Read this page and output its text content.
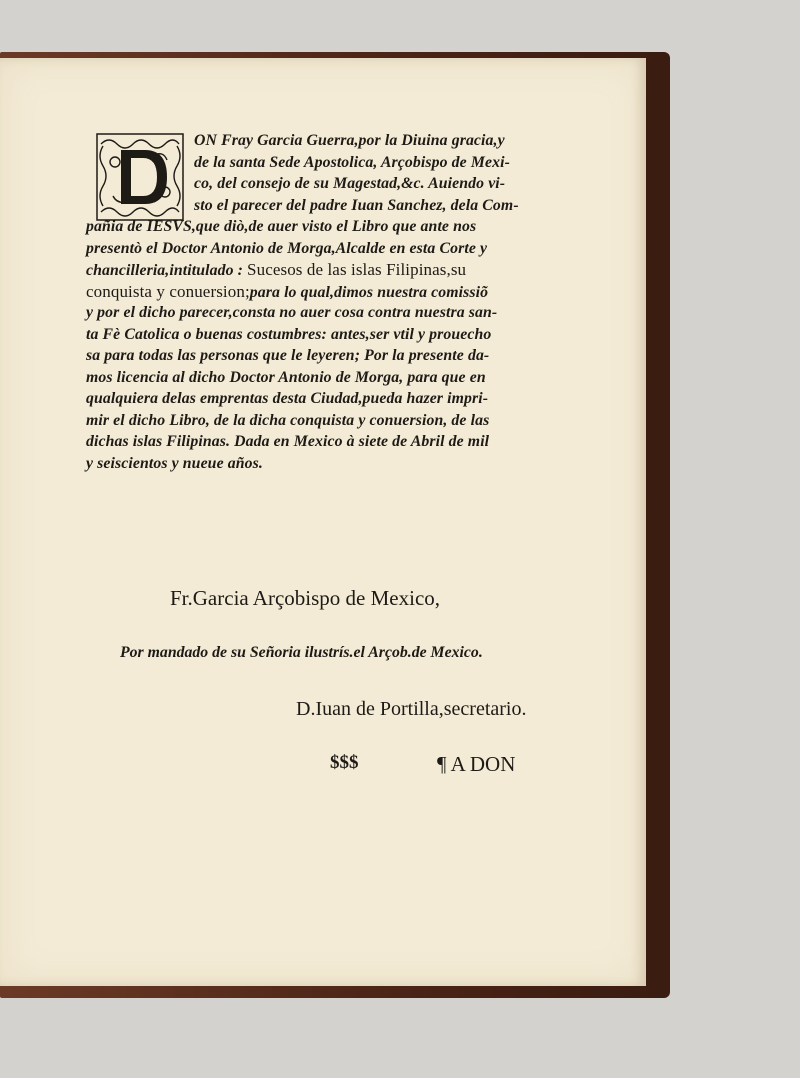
D
ON Fray Garcia Guerra,por la Diuina gracia,y
de la santa Sede Apostolica, Arçobispo de Mexi-
co, del consejo de su Magestad,&c. Auiendo vi-
sto el parecer del padre Iuan Sanchez, dela Com-
pañia de IESVS,que diò,de auer visto el Libro que ante nos
presentò el Doctor Antonio de Morga,Alcalde en esta Corte y
chancilleria,intitulado : Sucesos de las islas Filipinas,su
conquista y conuersion;para lo qual,dimos nuestra comissiõ
y por el dicho parecer,consta no auer cosa contra nuestra san-
ta Fè Catolica o buenas costumbres: antes,ser vtil y prouecho
sa para todas las personas que le leyeren; Por la presente da-
mos licencia al dicho Doctor Antonio de Morga, para que en
qualquiera delas emprentas desta Ciudad,pueda hazer impri-
mir el dicho Libro, de la dicha conquista y conuersion, de las
dichas islas Filipinas. Dada en Mexico à siete de Abril de mil
y seiscientos y nueue años.
Fr.Garcia Arçobispo de Mexico,
Por mandado de su Señoria ilustrís.el Arçob.de Mexico.
D.Iuan de Portilla,secretario.
$$$	¶ A DON
